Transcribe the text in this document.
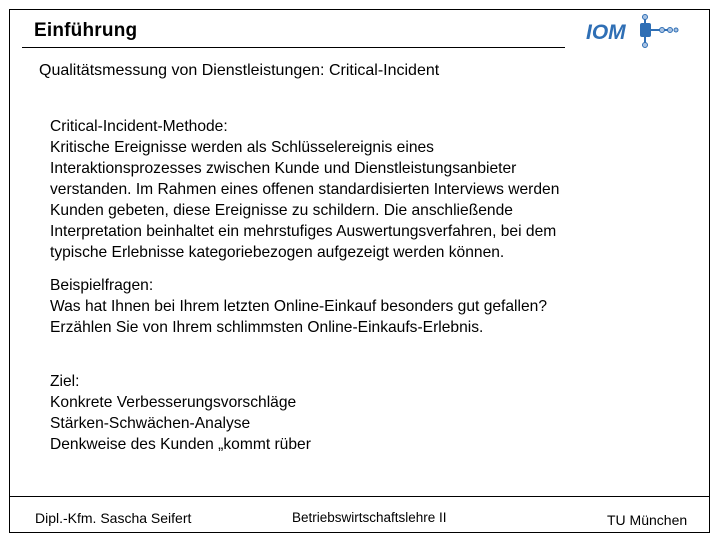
Einführung	IOM
Qualitätsmessung von Dienstleistungen: Critical-Incident

Critical-Incident-Methode:

Kritische Ereignisse werden als Schlüsselereignis eines

Interaktionsprozesses zwischen Kunde und Dienstleistungsanbieter

verstanden. Im Rahmen eines offenen standardisierten Interviews werden

Kunden gebeten, diese Ereignisse zu schildern. Die anschließende

Interpretation beinhaltet ein mehrstufiges Auswertungsverfahren, bei dem

typische Erlebnisse kategoriebezogen aufgezeigt werden können.

Beispielfragen:

Was hat Ihnen bei Ihrem letzten Online-Einkauf besonders gut gefallen?

Erzählen Sie von Ihrem schlimmsten Online-Einkaufs-Erlebnis.

Ziel:

Konkrete Verbesserungsvorschläge

Stärken-Schwächen-Analyse

Denkweise des Kunden „kommt rüber

Dipl.-Kfm. Sascha Seifert	Betriebswirtschaftslehre II	TU München
